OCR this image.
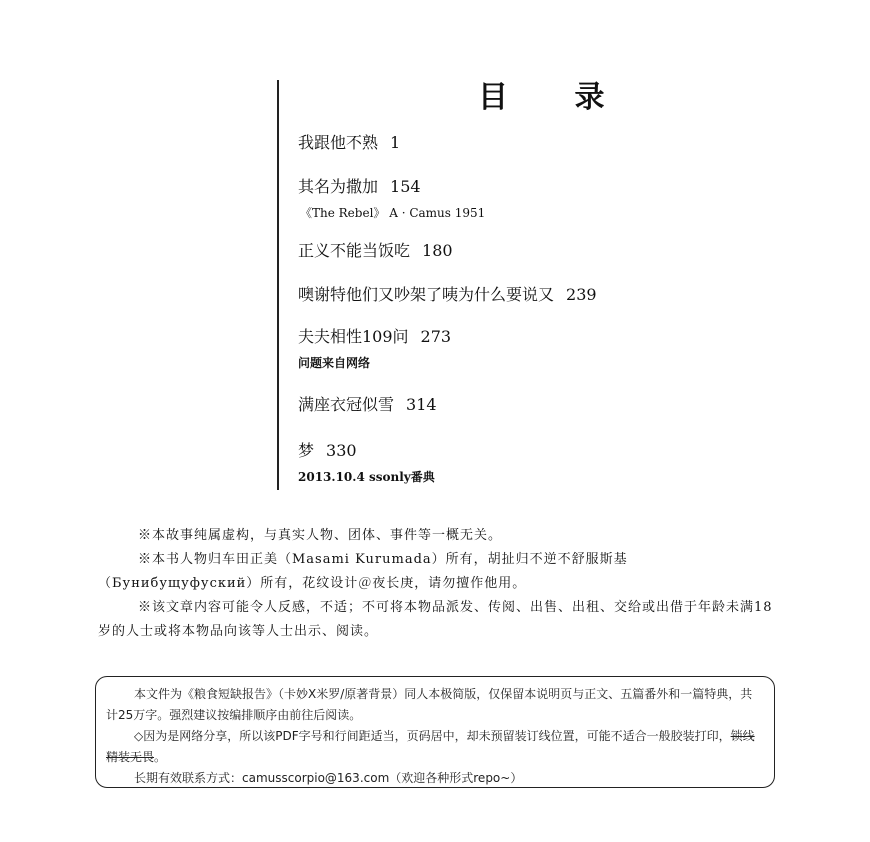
目 录
我跟他不熟 1
其名为撒加 154
《The Rebel》 A · Camus 1951
正义不能当饭吃 180
噢谢特他们又吵架了咦为什么要说又 239
夫夫相性109问 273
问题来自网络
满座衣冠似雪 314
梦 330
2013.10.4 ssonly番典

※本故事纯属虚构，与真实人物、团体、事件等一概无关。

※本书人物归车田正美（Masami Kurumada）所有，胡扯归不逆不舒服斯基（Бунибущуфуский）所有，花纹设计＠夜长庚，请勿擅作他用。

※该文章内容可能令人反感，不适；不可将本物品派发、传阅、出售、出租、交给或出借于年龄未满18岁的人士或将本物品向该等人士出示、阅读。

本文件为《粮食短缺报告》（卡妙X米罗/原著背景）同人本极简版，仅保留本说明页与正文、五篇番外和一篇特典，共计25万字。强烈建议按编排顺序由前往后阅读。

◇因为是网络分享，所以该PDF字号和行间距适当，页码居中，却未预留装订线位置，可能不适合一般胶装打印，锁线精装无畏。

长期有效联系方式：camusscorpio@163.com（欢迎各种形式repo~）
